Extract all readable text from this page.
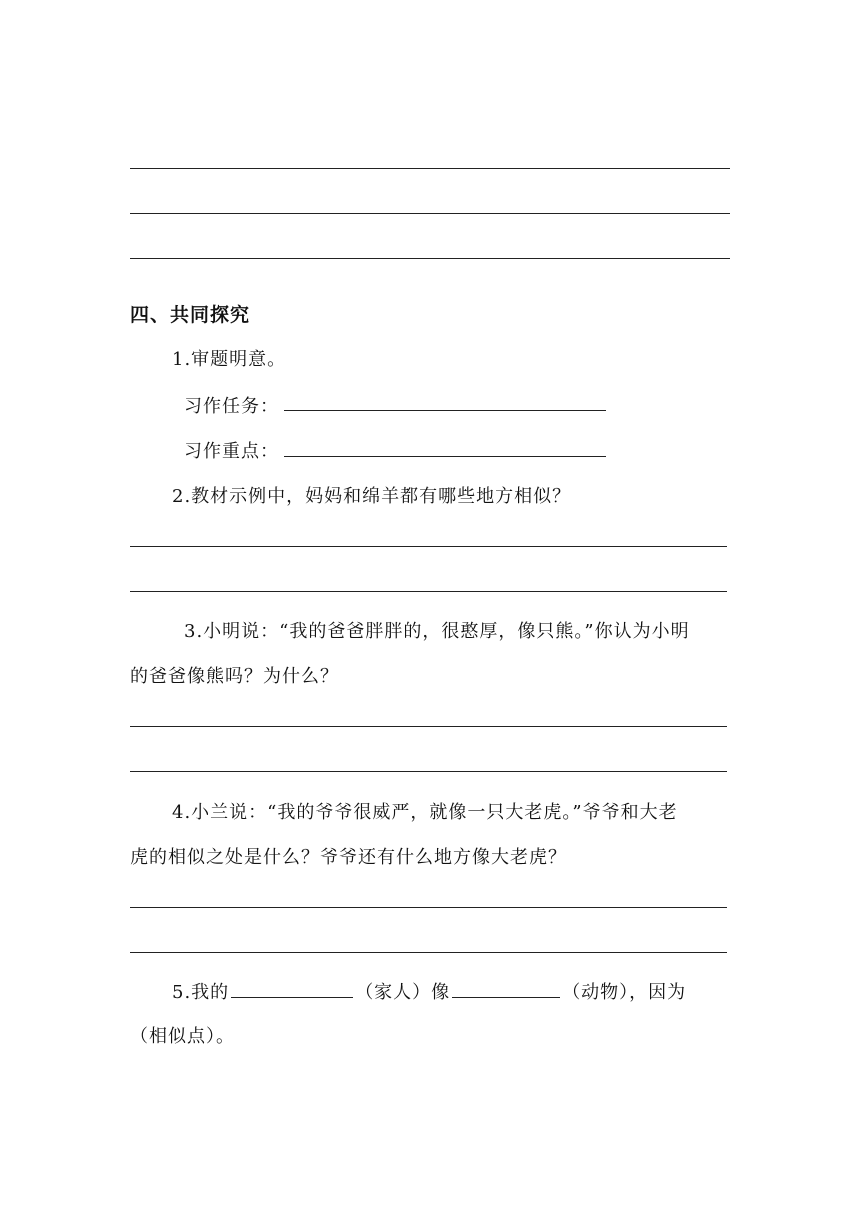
四、共同探究
1.审题明意。
习作任务：
习作重点：
2.教材示例中，妈妈和绵羊都有哪些地方相似？
3.小明说：“我的爸爸胖胖的，很憨厚，像只熊。”你认为小明
的爸爸像熊吗？为什么？
4.小兰说：“我的爷爷很威严，就像一只大老虎。”爷爷和大老
虎的相似之处是什么？爷爷还有什么地方像大老虎？
5.我的	（家人）像	（动物），因为
（相似点）。
